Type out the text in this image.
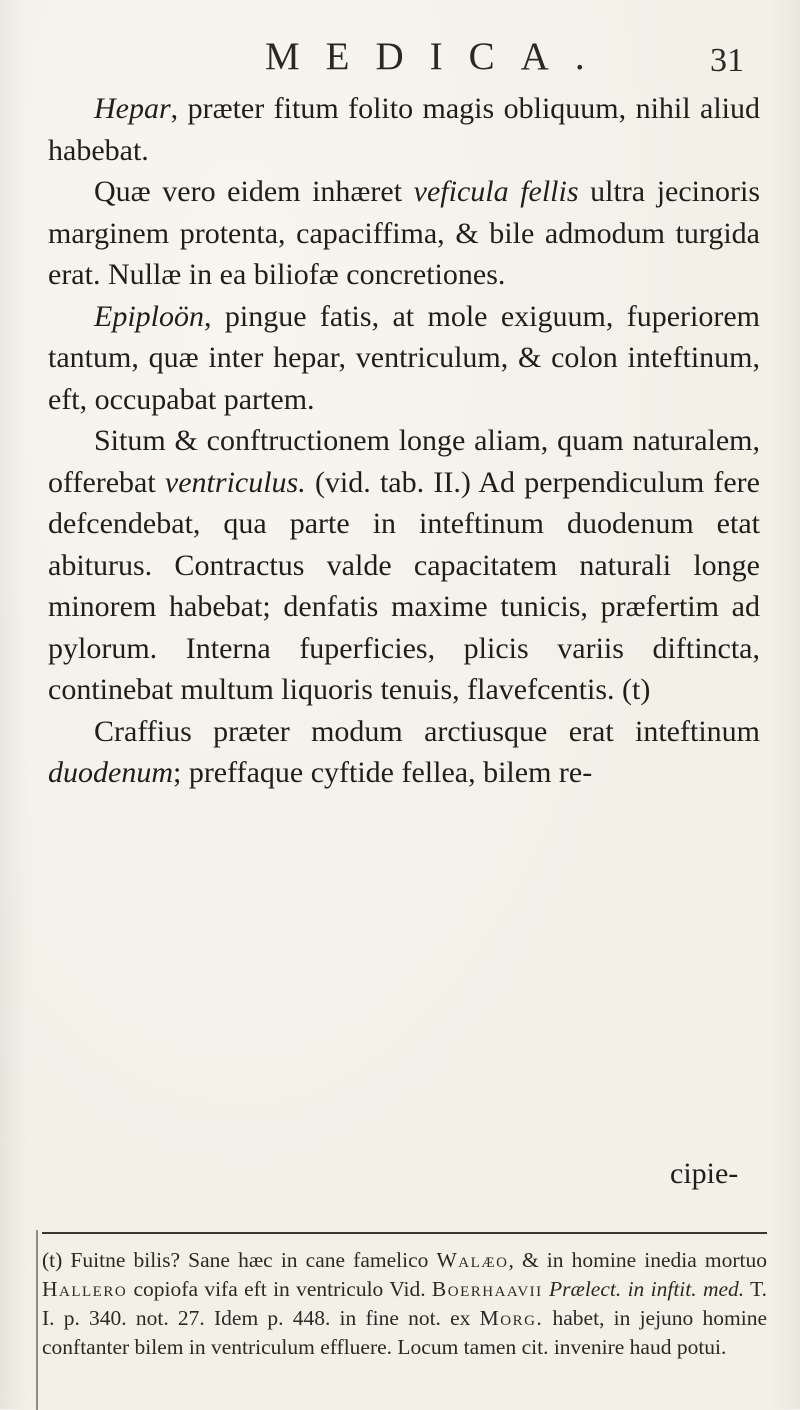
MEDICA.	31

Hepar, præter fitum folito magis obliquum, nihil aliud habebat.

Quæ vero eidem inhæret veficula fellis ultra jecinoris marginem protenta, capaciffima, & bile admodum turgida erat. Nullæ in ea biliofæ concretiones.

Epiploön, pingue fatis, at mole exiguum, fuperiorem tantum, quæ inter hepar, ventriculum, & colon inteftinum, eft, occupabat partem.

Situm & conftructionem longe aliam, quam naturalem, offerebat ventriculus. (vid. tab. II.) Ad perpendiculum fere defcendebat, qua parte in inteftinum duodenum etat abiturus. Contractus valde capacitatem naturali longe minorem habebat; denfatis maxime tunicis, præfertim ad pylorum. Interna fuperficies, plicis variis diftincta, continebat multum liquoris tenuis, flavefcentis. (t)

Craffius præter modum arctiusque erat inteftinum duodenum; preffaque cyftide fellea, bilem re-

cipie-
(t) Fuitne bilis? Sane hæc in cane famelico Walæo, & in homine inedia mortuo Hallero copiofa vifa eft in ventriculo Vid. Boerhaavii Prælect. in inftit. med. T. I. p. 340. not. 27. Idem p. 448. in fine not. ex Morg. habet, in jejuno homine conftanter bilem in ventriculum effluere. Locum tamen cit. invenire haud potui.
